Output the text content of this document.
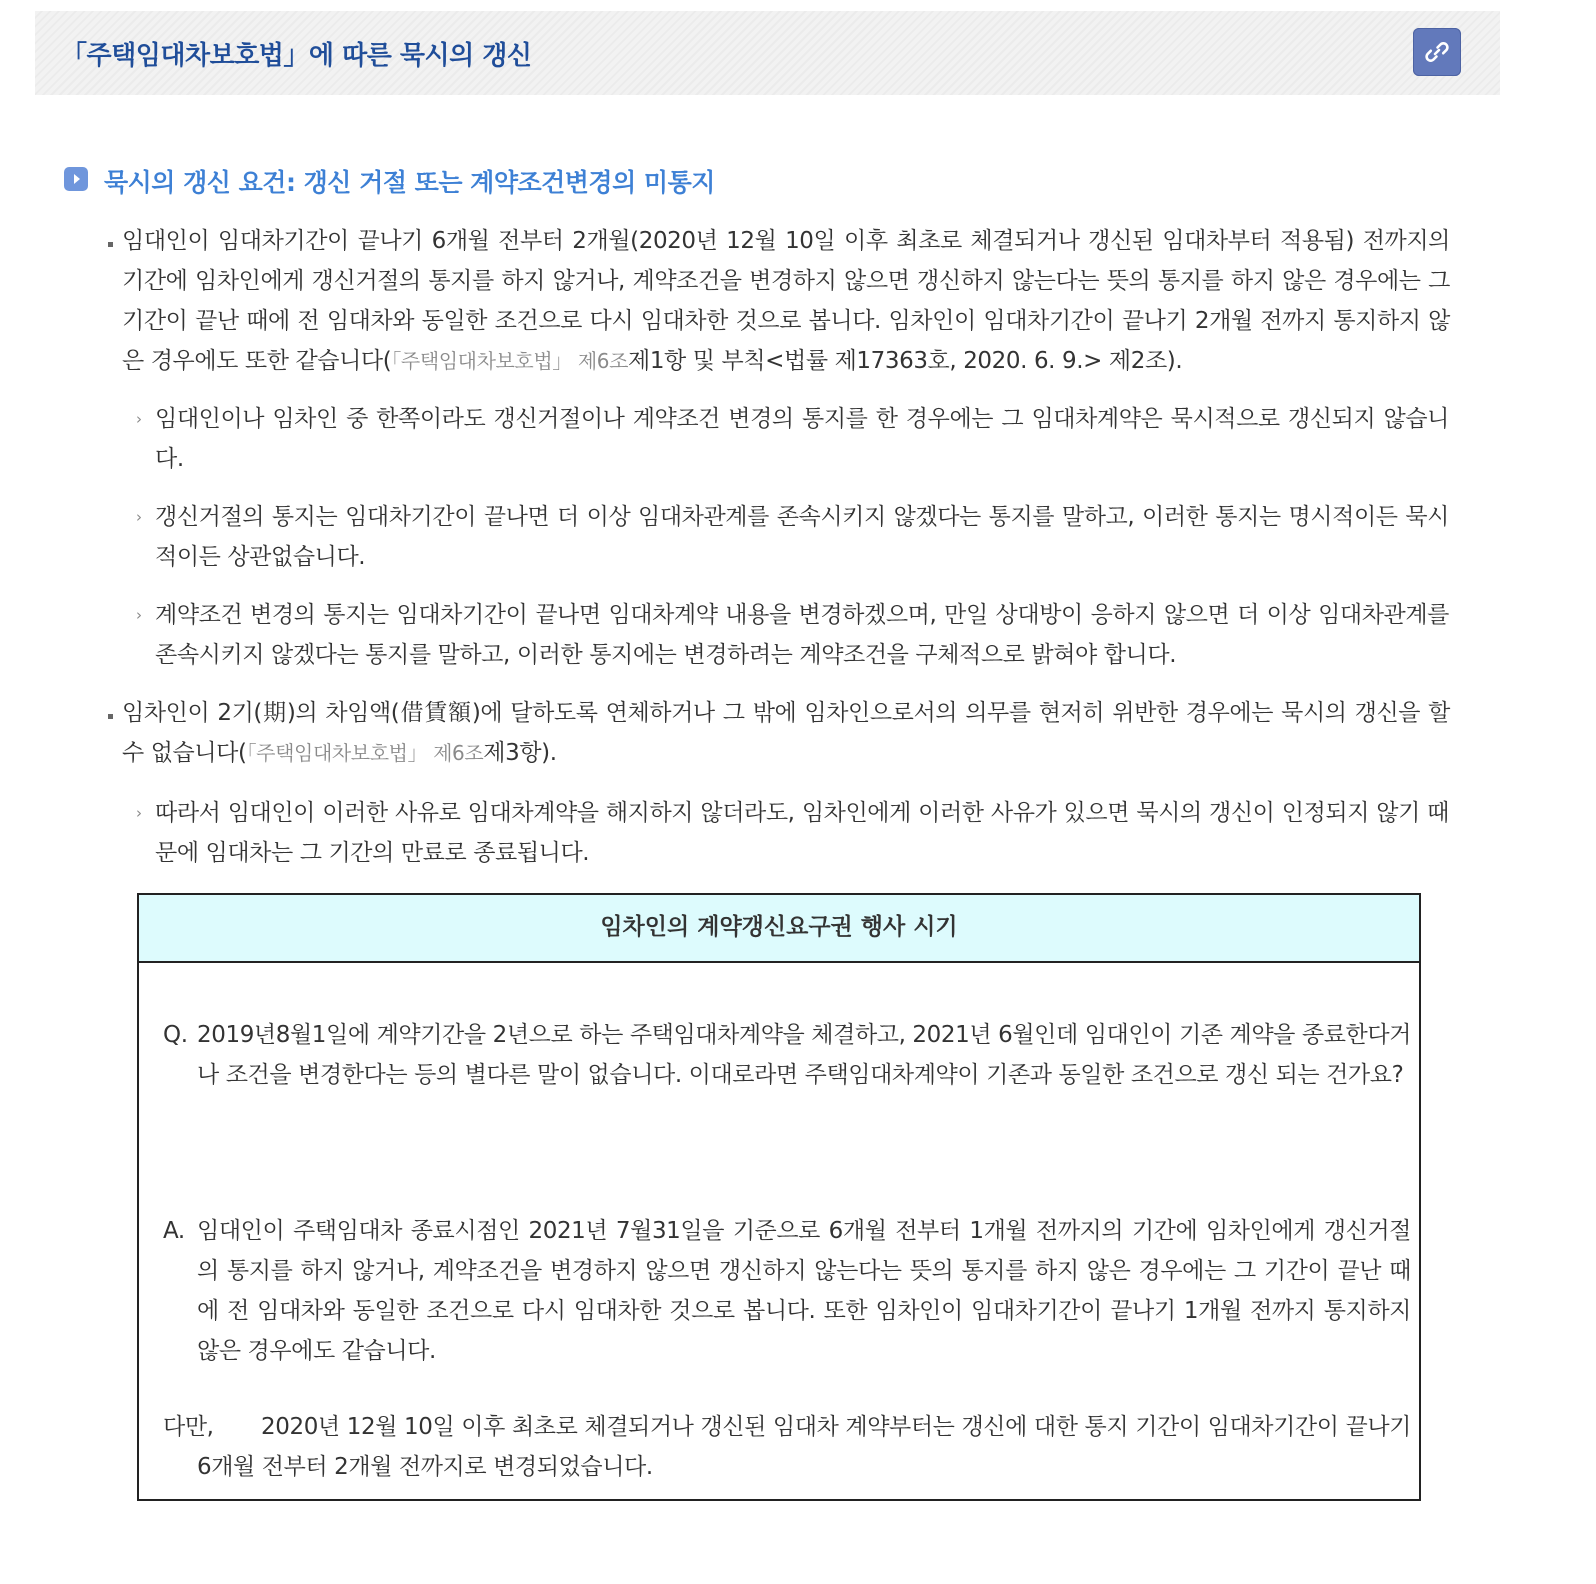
「주택임대차보호법」에 따른 묵시의 갱신
묵시의 갱신 요건: 갱신 거절 또는 계약조건변경의 미통지
임대인이 임대차기간이 끝나기 6개월 전부터 2개월(2020년 12월 10일 이후 최초로 체결되거나 갱신된 임대차부터 적용됨) 전까지의 기간에 임차인에게 갱신거절의 통지를 하지 않거나, 계약조건을 변경하지 않으면 갱신하지 않는다는 뜻의 통지를 하지 않은 경우에는 그 기간이 끝난 때에 전 임대차와 동일한 조건으로 다시 임대차한 것으로 봅니다. 임차인이 임대차기간이 끝나기 2개월 전까지 통지하지 않은 경우에도 또한 같습니다(「주택임대차보호법」 제6조제1항 및 부칙<법률 제17363호, 2020. 6. 9.> 제2조).
› 임대인이나 임차인 중 한쪽이라도 갱신거절이나 계약조건 변경의 통지를 한 경우에는 그 임대차계약은 묵시적으로 갱신되지 않습니다.
› 갱신거절의 통지는 임대차기간이 끝나면 더 이상 임대차관계를 존속시키지 않겠다는 통지를 말하고, 이러한 통지는 명시적이든 묵시적이든 상관없습니다.
› 계약조건 변경의 통지는 임대차기간이 끝나면 임대차계약 내용을 변경하겠으며, 만일 상대방이 응하지 않으면 더 이상 임대차관계를 존속시키지 않겠다는 통지를 말하고, 이러한 통지에는 변경하려는 계약조건을 구체적으로 밝혀야 합니다.
임차인이 2기(期)의 차임액(借賃額)에 달하도록 연체하거나 그 밖에 임차인으로서의 의무를 현저히 위반한 경우에는 묵시의 갱신을 할 수 없습니다(「주택임대차보호법」 제6조제3항).
› 따라서 임대인이 이러한 사유로 임대차계약을 해지하지 않더라도, 임차인에게 이러한 사유가 있으면 묵시의 갱신이 인정되지 않기 때문에 임대차는 그 기간의 만료로 종료됩니다.
임차인의 계약갱신요구권 행사 시기

Q. 2019년8월1일에 계약기간을 2년으로 하는 주택임대차계약을 체결하고, 2021년 6월인데 임대인이 기존 계약을 종료한다거나 조건을 변경한다는 등의 별다른 말이 없습니다. 이대로라면 주택임대차계약이 기존과 동일한 조건으로 갱신 되는 건가요?

A. 임대인이 주택임대차 종료시점인 2021년 7월31일을 기준으로 6개월 전부터 1개월 전까지의 기간에 임차인에게 갱신거절의 통지를 하지 않거나, 계약조건을 변경하지 않으면 갱신하지 않는다는 뜻의 통지를 하지 않은 경우에는 그 기간이 끝난 때에 전 임대차와 동일한 조건으로 다시 임대차한 것으로 봅니다. 또한 임차인이 임대차기간이 끝나기 1개월 전까지 통지하지 않은 경우에도 같습니다.

다만,	2020년 12월 10일 이후 최초로 체결되거나 갱신된 임대차 계약부터는 갱신에 대한 통지 기간이 임대차기간이 끝나기 6개월 전부터 2개월 전까지로 변경되었습니다.
